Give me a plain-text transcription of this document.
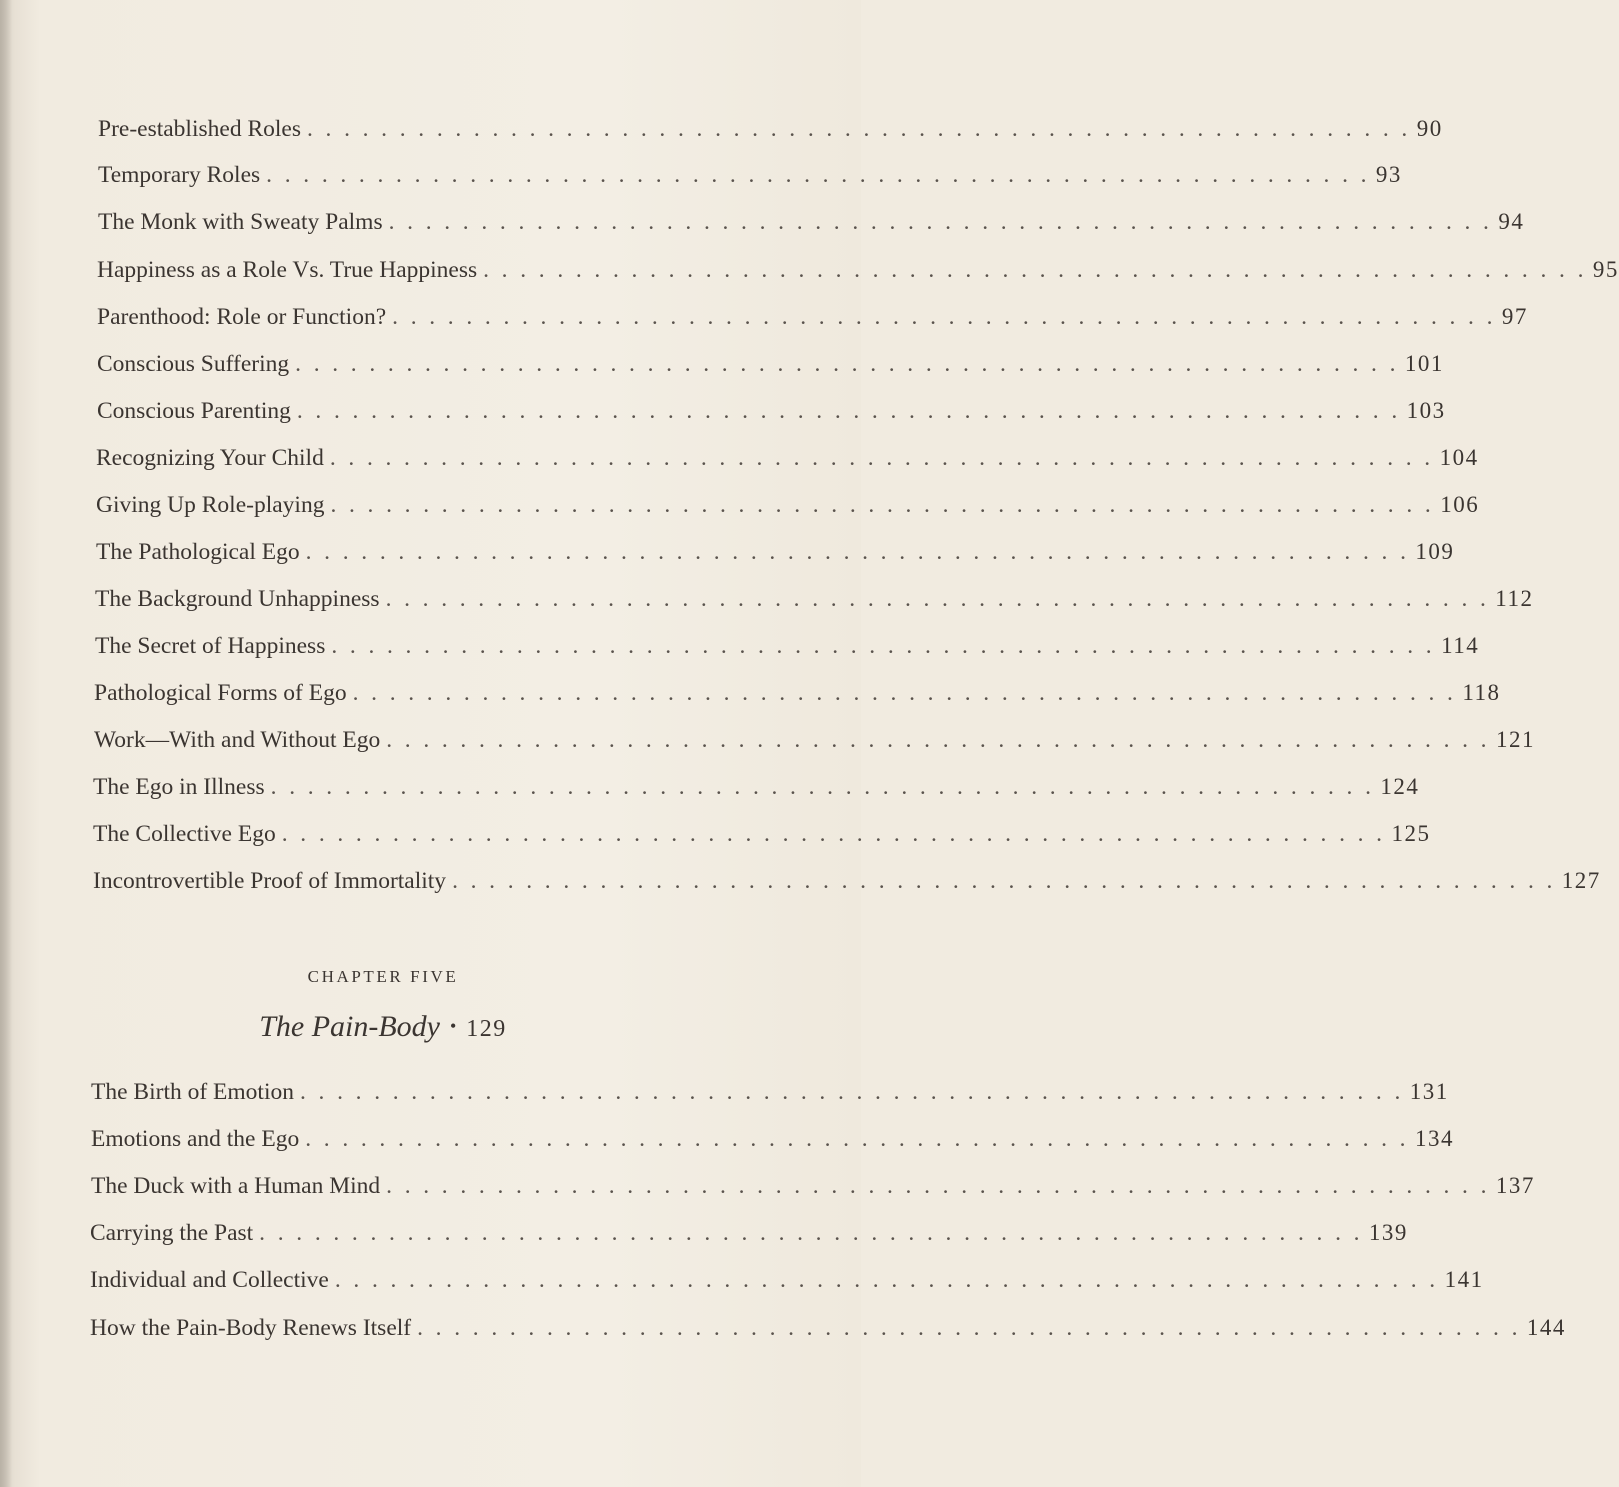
Pre-established Roles . . . . . . . . . . . . . . . . . . . . . . . . . . . . . . . . . . . . . . . . . . . . . . . . . . . . . . . . . . . . 90
Temporary Roles . . . . . . . . . . . . . . . . . . . . . . . . . . . . . . . . . . . . . . . . . . . . . . . . . . . . . . . . . . . . 93
The Monk with Sweaty Palms . . . . . . . . . . . . . . . . . . . . . . . . . . . . . . . . . . . . . . . . . . . . . . . . . . . . . . . . . . . . 94
Happiness as a Role Vs. True Happiness . . . . . . . . . . . . . . . . . . . . . . . . . . . . . . . . . . . . . . . . . . . . . . . . . . . . . . . . . . . . 95
Parenthood: Role or Function? . . . . . . . . . . . . . . . . . . . . . . . . . . . . . . . . . . . . . . . . . . . . . . . . . . . . . . . . . . . . 97
Conscious Suffering . . . . . . . . . . . . . . . . . . . . . . . . . . . . . . . . . . . . . . . . . . . . . . . . . . . . . . . . . . . . 101
Conscious Parenting . . . . . . . . . . . . . . . . . . . . . . . . . . . . . . . . . . . . . . . . . . . . . . . . . . . . . . . . . . . . 103
Recognizing Your Child . . . . . . . . . . . . . . . . . . . . . . . . . . . . . . . . . . . . . . . . . . . . . . . . . . . . . . . . . . . . 104
Giving Up Role-playing . . . . . . . . . . . . . . . . . . . . . . . . . . . . . . . . . . . . . . . . . . . . . . . . . . . . . . . . . . . . 106
The Pathological Ego . . . . . . . . . . . . . . . . . . . . . . . . . . . . . . . . . . . . . . . . . . . . . . . . . . . . . . . . . . . . 109
The Background Unhappiness . . . . . . . . . . . . . . . . . . . . . . . . . . . . . . . . . . . . . . . . . . . . . . . . . . . . . . . . . . . . 112
The Secret of Happiness . . . . . . . . . . . . . . . . . . . . . . . . . . . . . . . . . . . . . . . . . . . . . . . . . . . . . . . . . . . . 114
Pathological Forms of Ego . . . . . . . . . . . . . . . . . . . . . . . . . . . . . . . . . . . . . . . . . . . . . . . . . . . . . . . . . . . . 118
Work—With and Without Ego . . . . . . . . . . . . . . . . . . . . . . . . . . . . . . . . . . . . . . . . . . . . . . . . . . . . . . . . . . . . 121
The Ego in Illness . . . . . . . . . . . . . . . . . . . . . . . . . . . . . . . . . . . . . . . . . . . . . . . . . . . . . . . . . . . . 124
The Collective Ego . . . . . . . . . . . . . . . . . . . . . . . . . . . . . . . . . . . . . . . . . . . . . . . . . . . . . . . . . . . . 125
Incontrovertible Proof of Immortality . . . . . . . . . . . . . . . . . . . . . . . . . . . . . . . . . . . . . . . . . . . . . . . . . . . . . . . . . . . . 127
CHAPTER FIVE
The Pain-Body • 129
The Birth of Emotion . . . . . . . . . . . . . . . . . . . . . . . . . . . . . . . . . . . . . . . . . . . . . . . . . . . . . . . . . . . . 131
Emotions and the Ego . . . . . . . . . . . . . . . . . . . . . . . . . . . . . . . . . . . . . . . . . . . . . . . . . . . . . . . . . . . . 134
The Duck with a Human Mind . . . . . . . . . . . . . . . . . . . . . . . . . . . . . . . . . . . . . . . . . . . . . . . . . . . . . . . . . . . . 137
Carrying the Past . . . . . . . . . . . . . . . . . . . . . . . . . . . . . . . . . . . . . . . . . . . . . . . . . . . . . . . . . . . . 139
Individual and Collective . . . . . . . . . . . . . . . . . . . . . . . . . . . . . . . . . . . . . . . . . . . . . . . . . . . . . . . . . . . . 141
How the Pain-Body Renews Itself . . . . . . . . . . . . . . . . . . . . . . . . . . . . . . . . . . . . . . . . . . . . . . . . . . . . . . . . . . . . 144
